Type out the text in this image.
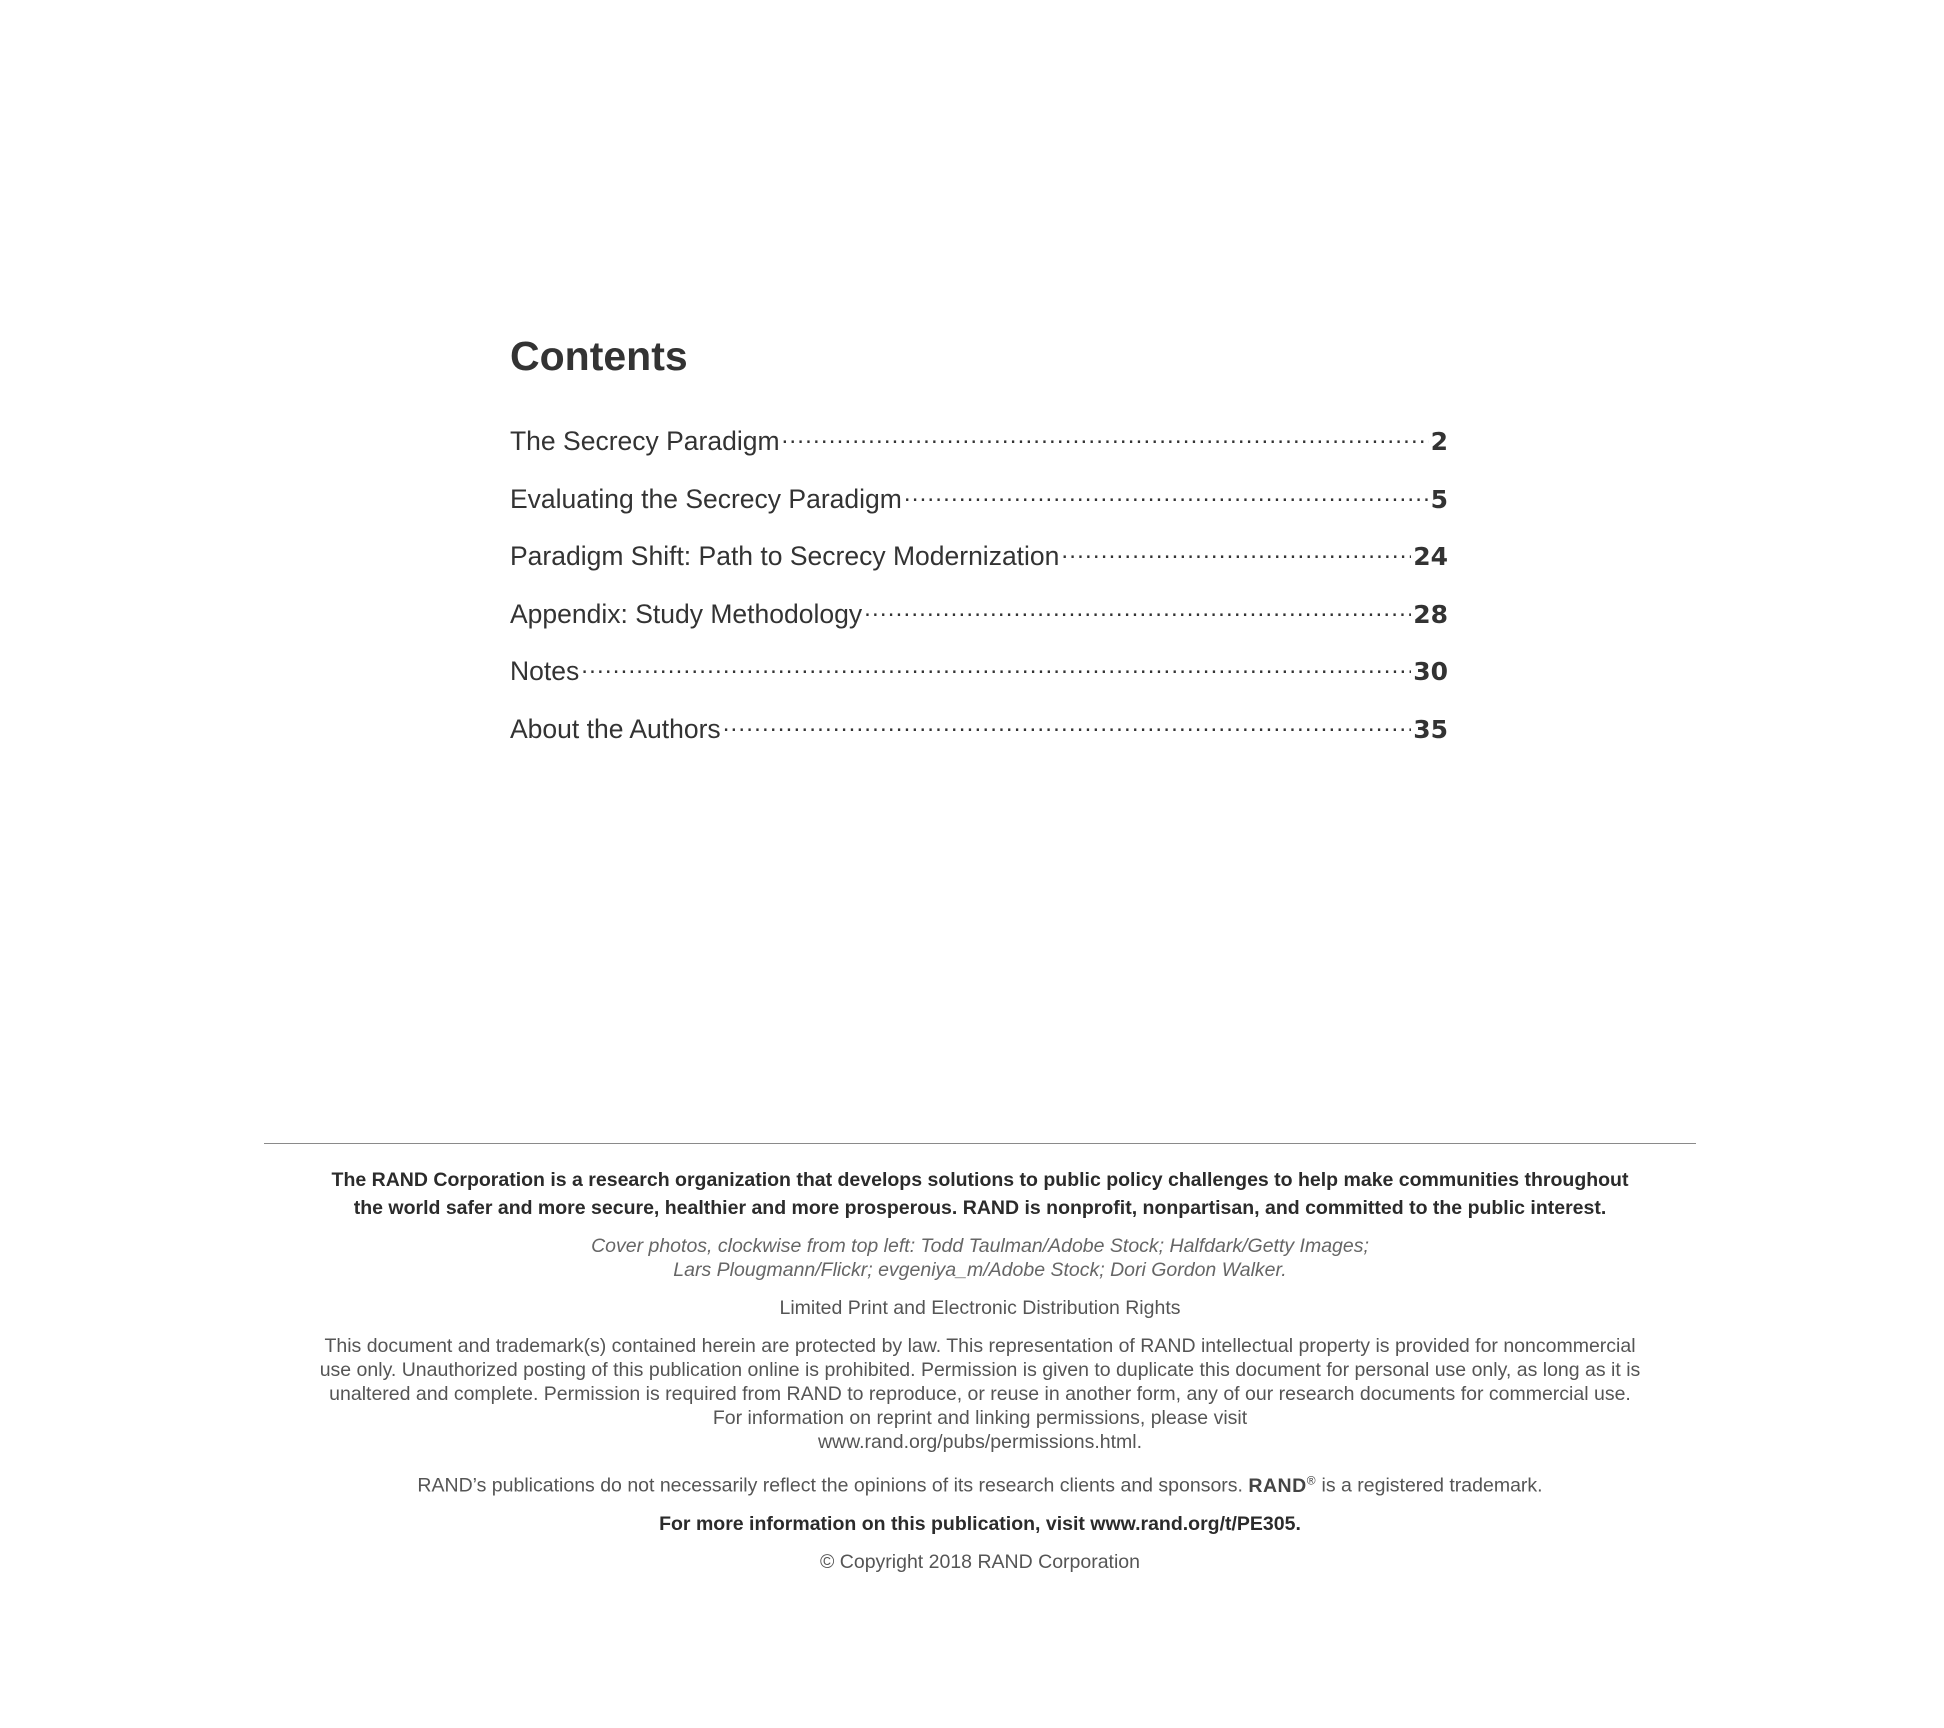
Contents
The Secrecy Paradigm .....	2
Evaluating the Secrecy Paradigm .....	5
Paradigm Shift: Path to Secrecy Modernization .....	24
Appendix: Study Methodology .....	28
Notes .....	30
About the Authors .....	35
The RAND Corporation is a research organization that develops solutions to public policy challenges to help make communities throughout
the world safer and more secure, healthier and more prosperous. RAND is nonprofit, nonpartisan, and committed to the public interest.
Cover photos, clockwise from top left: Todd Taulman/Adobe Stock; Halfdark/Getty Images;
Lars Plougmann/Flickr; evgeniya_m/Adobe Stock; Dori Gordon Walker.
Limited Print and Electronic Distribution Rights
This document and trademark(s) contained herein are protected by law. This representation of RAND intellectual property is provided for noncommercial
use only. Unauthorized posting of this publication online is prohibited. Permission is given to duplicate this document for personal use only, as long as it is
unaltered and complete. Permission is required from RAND to reproduce, or reuse in another form, any of our research documents for commercial use.
For information on reprint and linking permissions, please visit
www.rand.org/pubs/permissions.html.
RAND’s publications do not necessarily reflect the opinions of its research clients and sponsors. RAND® is a registered trademark.
For more information on this publication, visit www.rand.org/t/PE305.
© Copyright 2018 RAND Corporation
